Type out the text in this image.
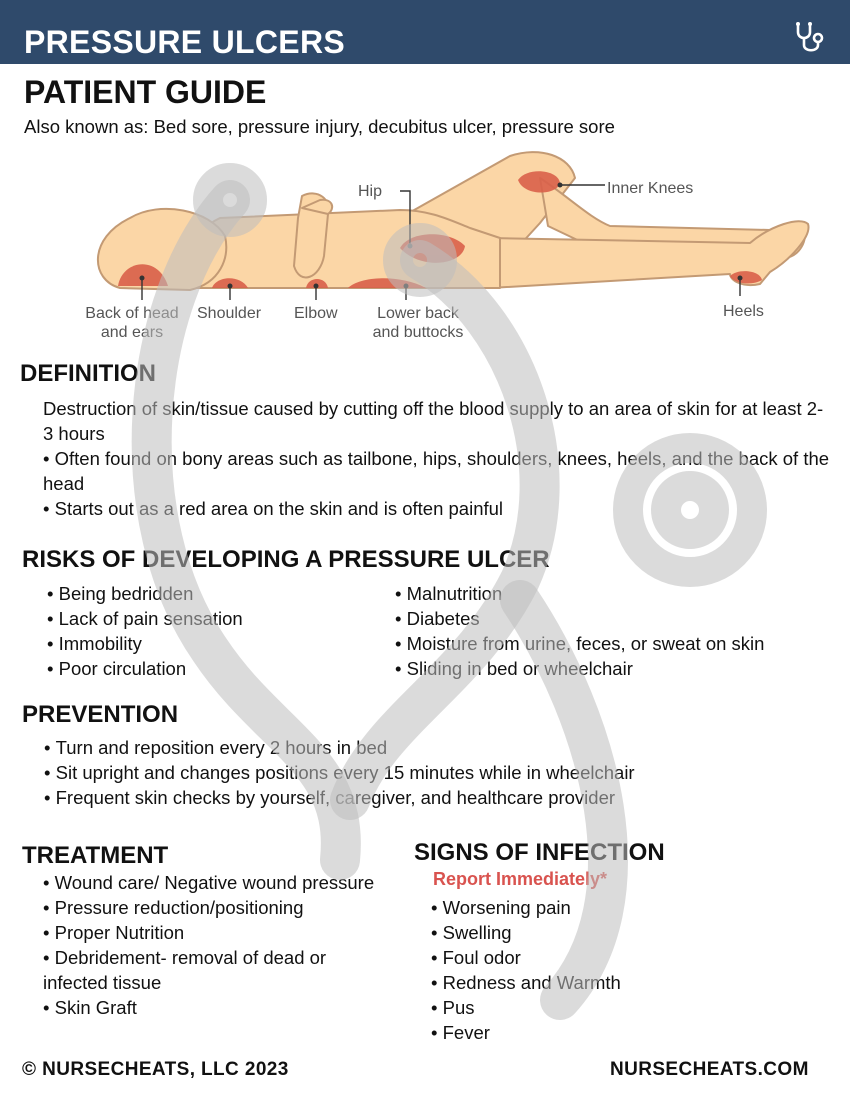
PRESSURE ULCERS
PATIENT GUIDE
Also known as: Bed sore, pressure injury, decubitus ulcer, pressure sore
Hip	Inner Knees
Back of head
and ears
Shoulder Elbow	Lower back
and buttocks
Heels
DEFINITION
Destruction of skin/tissue caused by cutting off the blood supply to an area of skin for at least 2-3 hours
• Often found on bony areas such as tailbone, hips, shoulders, knees, heels, and the back of the head
• Starts out as a red area on the skin and is often painful
RISKS OF DEVELOPING A PRESSURE ULCER
• Being bedridden
• Lack of pain sensation
• Immobility
• Poor circulation
• Malnutrition
• Diabetes
• Moisture from urine, feces, or sweat on skin
• Sliding in bed or wheelchair
PREVENTION
• Turn and reposition every 2 hours in bed
• Sit upright and changes positions every 15 minutes while in wheelchair
• Frequent skin checks by yourself, caregiver, and healthcare provider
TREATMENT
• Wound care/ Negative wound pressure
• Pressure reduction/positioning
• Proper Nutrition
• Debridement- removal of dead or infected tissue
• Skin Graft
SIGNS OF INFECTION
Report Immediately*
• Worsening pain
• Swelling
• Foul odor
• Redness and Warmth
• Pus
• Fever
© NURSECHEATS, LLC 2023	NURSECHEATS.COM
